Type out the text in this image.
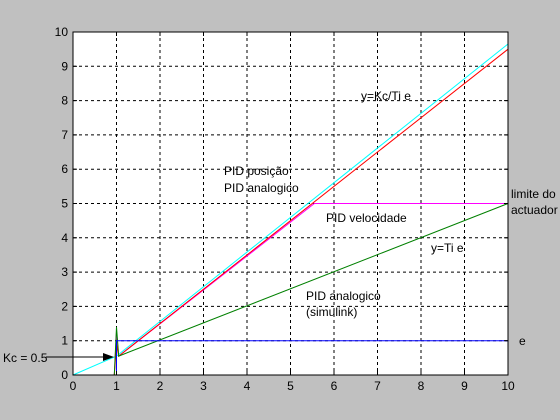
0	1	2	3	4	5	6	7	8	9	10
0
1
2
3
4
5
6
7
8
9
10
y=Kc/Ti e
PID posição
PID analogico	limite do
actuador
PID velocidade
y=Ti e
PID analogico
(simulink)
e
Kc = 0.5
